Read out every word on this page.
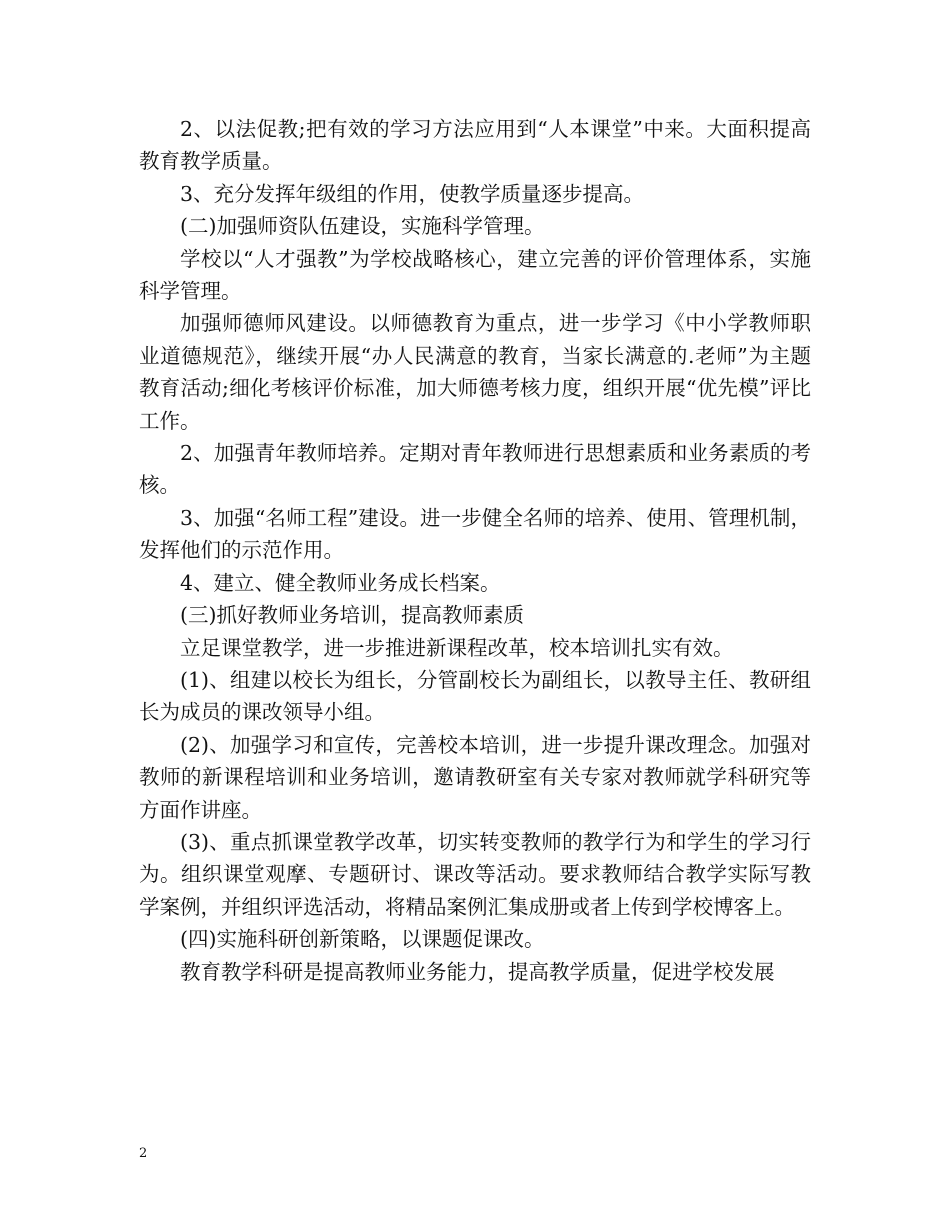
2、以法促教;把有效的学习方法应用到“人本课堂”中来。大面积提高教育教学质量。

3、充分发挥年级组的作用，使教学质量逐步提高。

(二)加强师资队伍建设，实施科学管理。

学校以“人才强教”为学校战略核心，建立完善的评价管理体系，实施科学管理。

加强师德师风建设。以师德教育为重点，进一步学习《中小学教师职业道德规范》，继续开展“办人民满意的教育，当家长满意的.老师”为主题教育活动;细化考核评价标准，加大师德考核力度，组织开展“优先模”评比工作。

2、加强青年教师培养。定期对青年教师进行思想素质和业务素质的考核。

3、加强“名师工程”建设。进一步健全名师的培养、使用、管理机制，发挥他们的示范作用。

4、建立、健全教师业务成长档案。

(三)抓好教师业务培训，提高教师素质

立足课堂教学，进一步推进新课程改革，校本培训扎实有效。

(1)、组建以校长为组长，分管副校长为副组长，以教导主任、教研组长为成员的课改领导小组。

(2)、加强学习和宣传，完善校本培训，进一步提升课改理念。加强对教师的新课程培训和业务培训，邀请教研室有关专家对教师就学科研究等方面作讲座。

(3)、重点抓课堂教学改革，切实转变教师的教学行为和学生的学习行为。组织课堂观摩、专题研讨、课改等活动。要求教师结合教学实际写教学案例，并组织评选活动，将精品案例汇集成册或者上传到学校博客上。

(四)实施科研创新策略，以课题促课改。

教育教学科研是提高教师业务能力，提高教学质量，促进学校发展

2
